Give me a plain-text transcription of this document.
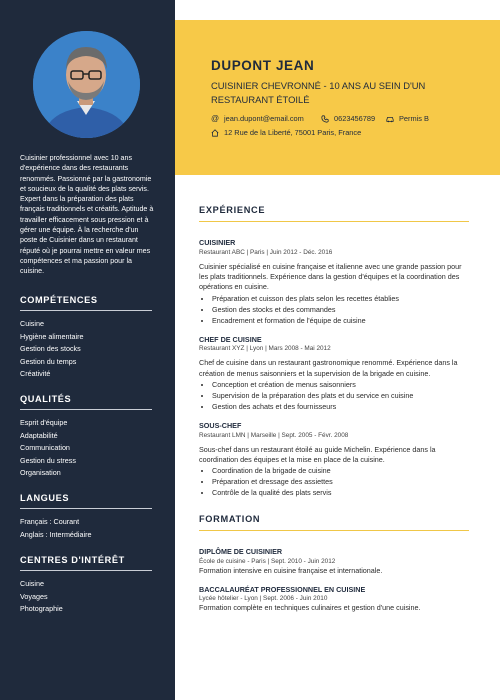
Cuisinier professionnel avec 10 ans d'expérience dans des restaurants renommés. Passionné par la gastronomie et soucieux de la qualité des plats servis. Expert dans la préparation des plats français traditionnels et créatifs. Aptitude à travailler efficacement sous pression et à gérer une équipe. À la recherche d'un poste de Cuisinier dans un restaurant réputé où je pourrai mettre en valeur mes compétences et ma passion pour la cuisine.

COMPÉTENCES
Cuisine
Hygiène alimentaire
Gestion des stocks
Gestion du temps
Créativité
QUALITÉS
Esprit d'équipe
Adaptabilité
Communication
Gestion du stress
Organisation
LANGUES
Français : Courant
Anglais : Intermédiaire
CENTRES D'INTÉRÊT
Cuisine
Voyages
Photographie
DUPONT JEAN

CUISINIER CHEVRONNÉ - 10 ANS AU SEIN D'UN RESTAURANT ÉTOILÉ

@ jean.dupont@email.com	0623456789	Permis B
12 Rue de la Liberté, 75001 Paris, France
EXPÉRIENCE

CUISINIER

Restaurant ABC | Paris | Juin 2012 - Déc. 2016

Cuisinier spécialisé en cuisine française et italienne avec une grande passion pour les plats traditionnels. Expérience dans la gestion d'équipes et la coordination des opérations en cuisine.

• Préparation et cuisson des plats selon les recettes établies
• Gestion des stocks et des commandes
• Encadrement et formation de l'équipe de cuisine

CHEF DE CUISINE

Restaurant XYZ | Lyon | Mars 2008 - Mai 2012

Chef de cuisine dans un restaurant gastronomique renommé. Expérience dans la création de menus saisonniers et la supervision de la brigade en cuisine.

• Conception et création de menus saisonniers
• Supervision de la préparation des plats et du service en cuisine
• Gestion des achats et des fournisseurs

SOUS-CHEF

Restaurant LMN | Marseille | Sept. 2005 - Févr. 2008

Sous-chef dans un restaurant étoilé au guide Michelin. Expérience dans la coordination des équipes et la mise en place de la cuisine.

• Coordination de la brigade de cuisine
• Préparation et dressage des assiettes
• Contrôle de la qualité des plats servis
FORMATION

DIPLÔME DE CUISINIER

École de cuisine - Paris | Sept. 2010 - Juin 2012

Formation intensive en cuisine française et internationale.

BACCALAURÉAT PROFESSIONNEL EN CUISINE

Lycée hôtelier - Lyon | Sept. 2006 - Juin 2010

Formation complète en techniques culinaires et gestion d'une cuisine.
